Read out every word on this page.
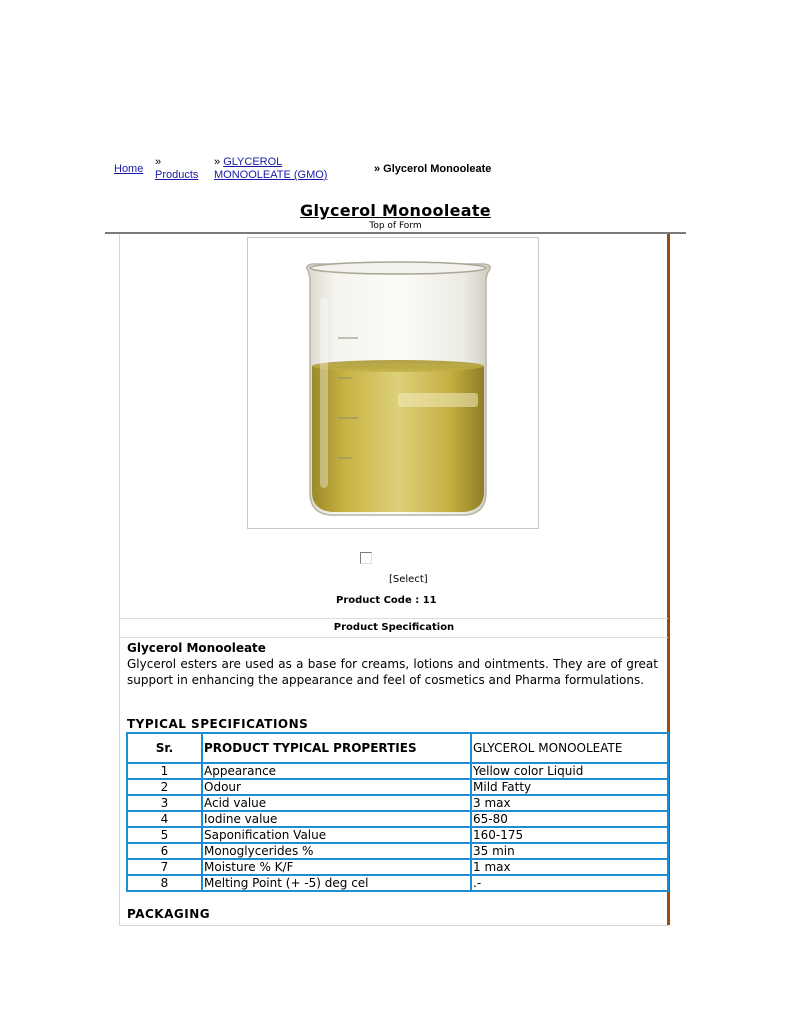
Home
» Products
» GLYCEROL MONOOLEATE (GMO)	» Glycerol Monooleate
Glycerol Monooleate
Top of Form
[Select]
Product Code : 11
Product Specification
Glycerol Monooleate

Glycerol esters are used as a base for creams, lotions and ointments. They are of great support in enhancing the appearance and feel of cosmetics and Pharma formulations.

TYPICAL SPECIFICATIONS
Sr.	PRODUCT TYPICAL PROPERTIES	GLYCEROL MONOOLEATE
1	Appearance	Yellow color Liquid
2	Odour	Mild Fatty
3	Acid value	3 max
4	Iodine value	65-80
5	Saponification Value	160-175
6	Monoglycerides %	35 min
7	Moisture % K/F	1 max
8	Melting Point (+ -5) deg cel	.-
PACKAGING
